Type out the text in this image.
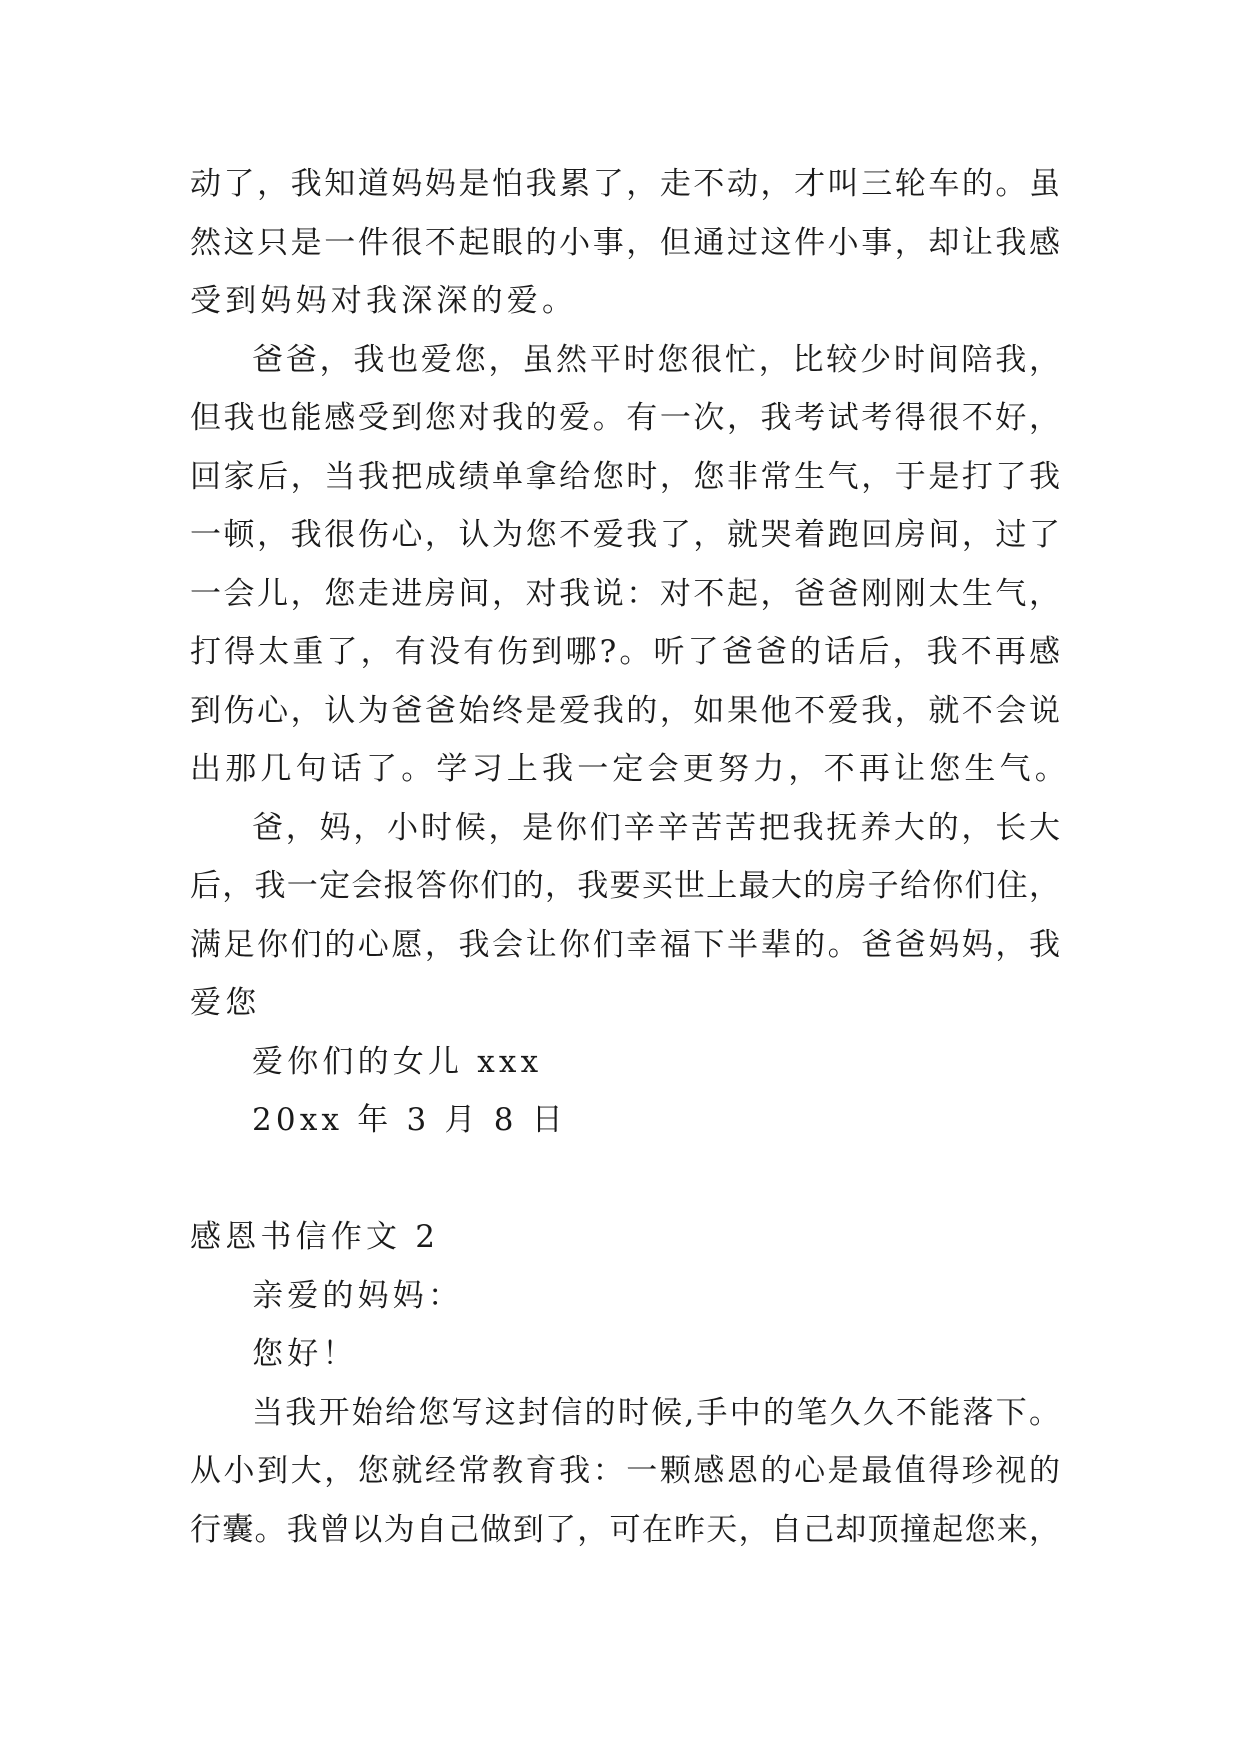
动了，我知道妈妈是怕我累了，走不动，才叫三轮车的。虽
然这只是一件很不起眼的小事，但通过这件小事，却让我感
受到妈妈对我深深的爱。
爸爸，我也爱您，虽然平时您很忙，比较少时间陪我，
但我也能感受到您对我的爱。有一次，我考试考得很不好，
回家后，当我把成绩单拿给您时，您非常生气，于是打了我
一顿，我很伤心，认为您不爱我了，就哭着跑回房间，过了
一会儿，您走进房间，对我说：对不起，爸爸刚刚太生气，
打得太重了，有没有伤到哪?。听了爸爸的话后，我不再感
到伤心，认为爸爸始终是爱我的，如果他不爱我，就不会说
出那几句话了。学习上我一定会更努力，不再让您生气。
爸，妈，小时候，是你们辛辛苦苦把我抚养大的，长大
后，我一定会报答你们的，我要买世上最大的房子给你们住，
满足你们的心愿，我会让你们幸福下半辈的。爸爸妈妈，我
爱您
爱你们的女儿 xxx
20xx 年 3 月 8 日
感恩书信作文 2
亲爱的妈妈：
您好！
当我开始给您写这封信的时候,手中的笔久久不能落下。
从小到大，您就经常教育我：一颗感恩的心是最值得珍视的
行囊。我曾以为自己做到了，可在昨天，自己却顶撞起您来，
